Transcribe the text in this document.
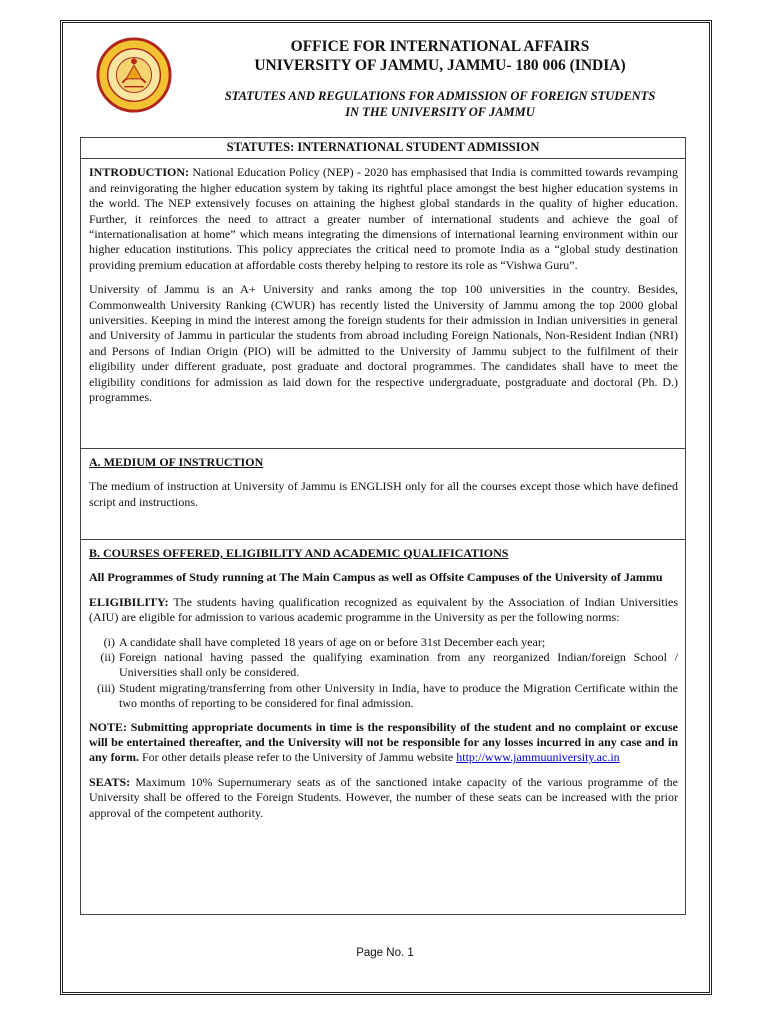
OFFICE FOR INTERNATIONAL AFFAIRS
UNIVERSITY OF JAMMU, JAMMU- 180 006 (INDIA)
STATUTES AND REGULATIONS FOR ADMISSION OF FOREIGN STUDENTS
IN THE UNIVERSITY OF JAMMU
STATUTES: INTERNATIONAL STUDENT ADMISSION

INTRODUCTION: National Education Policy (NEP) - 2020 has emphasised that India is committed towards revamping and reinvigorating the higher education system by taking its rightful place amongst the best higher education systems in the world. The NEP extensively focuses on attaining the highest global standards in the quality of higher education. Further, it reinforces the need to attract a greater number of international students and achieve the goal of “internationalisation at home” which means integrating the dimensions of international learning environment within our higher education institutions. This policy appreciates the critical need to promote India as a “global study destination providing premium education at affordable costs thereby helping to restore its role as “Vishwa Guru”.

University of Jammu is an A+ University and ranks among the top 100 universities in the country. Besides, Commonwealth University Ranking (CWUR) has recently listed the University of Jammu among the top 2000 global universities. Keeping in mind the interest among the foreign students for their admission in Indian universities in general and University of Jammu in particular the students from abroad including Foreign Nationals, Non-Resident Indian (NRI) and Persons of Indian Origin (PIO) will be admitted to the University of Jammu subject to the fulfilment of their eligibility under different graduate, post graduate and doctoral programmes. The candidates shall have to meet the eligibility conditions for admission as laid down for the respective undergraduate, postgraduate and doctoral (Ph. D.) programmes.

A. MEDIUM OF INSTRUCTION

The medium of instruction at University of Jammu is ENGLISH only for all the courses except those which have defined script and instructions.

B. COURSES OFFERED, ELIGIBILITY AND ACADEMIC QUALIFICATIONS

All Programmes of Study running at The Main Campus as well as Offsite Campuses of the University of Jammu

ELIGIBILITY: The students having qualification recognized as equivalent by the Association of Indian Universities (AIU) are eligible for admission to various academic programme in the University as per the following norms:

(i) A candidate shall have completed 18 years of age on or before 31st December each year;
(ii) Foreign national having passed the qualifying examination from any reorganized Indian/foreign School / Universities shall only be considered.
(iii) Student migrating/transferring from other University in India, have to produce the Migration Certificate within the two months of reporting to be considered for final admission.

NOTE: Submitting appropriate documents in time is the responsibility of the student and no complaint or excuse will be entertained thereafter, and the University will not be responsible for any losses incurred in any case and in any form. For other details please refer to the University of Jammu website http://www.jammuuniversity.ac.in

SEATS: Maximum 10% Supernumerary seats as of the sanctioned intake capacity of the various programme of the University shall be offered to the Foreign Students. However, the number of these seats can be increased with the prior approval of the competent authority.

Page No. 1
